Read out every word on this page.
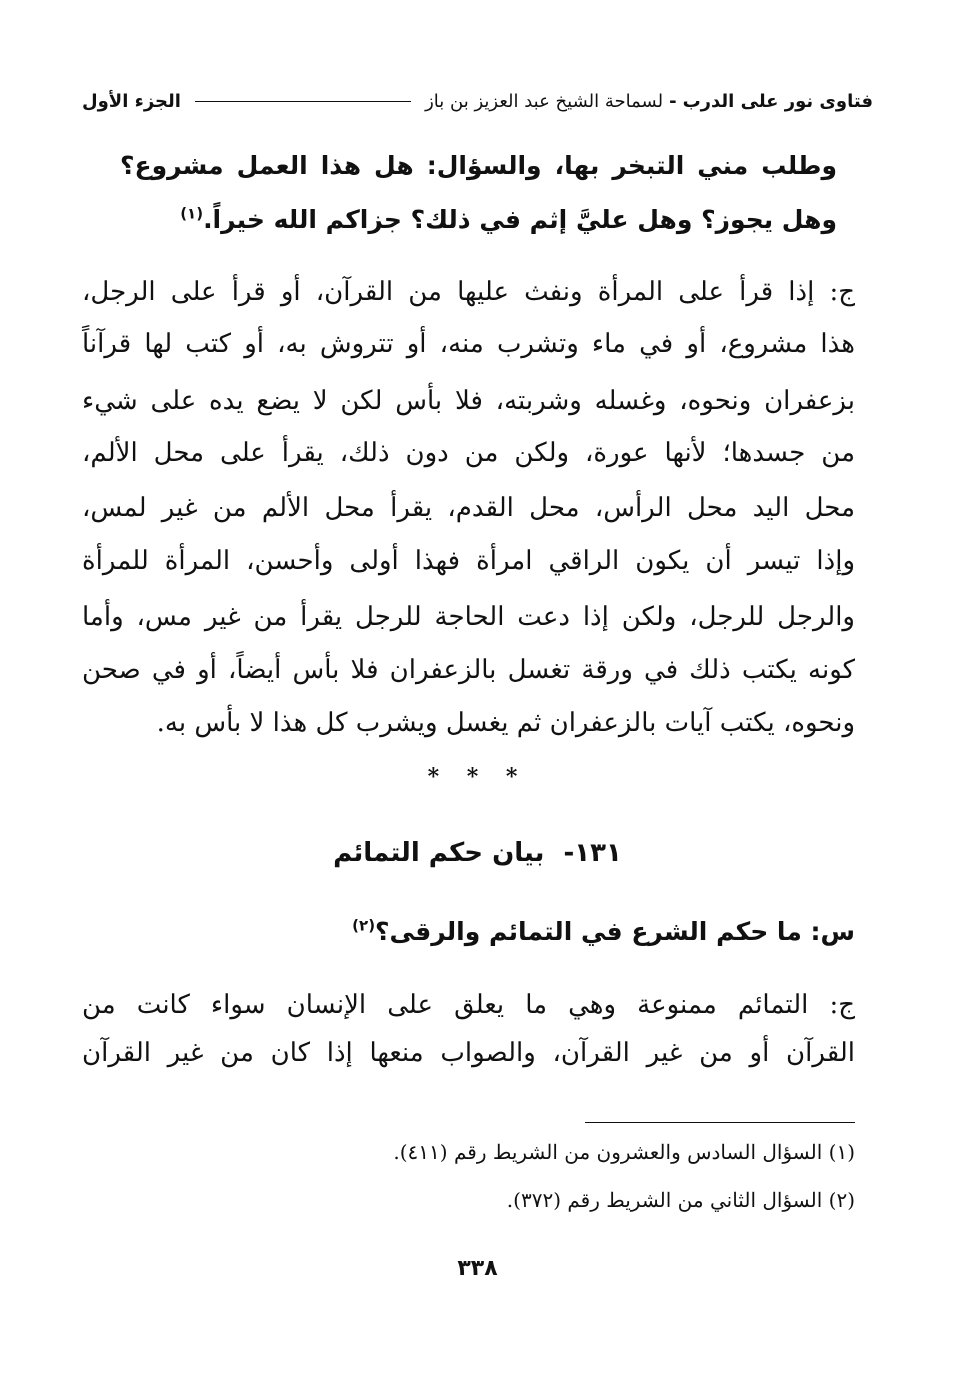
فتاوى نور على الدرب
-
لسماحة الشيخ عبد العزيز بن باز
الجزء الأول
وطلب مني التبخر بها، والسؤال: هل هذا العمل مشروع؟
وهل يجوز؟ وهل عليَّ إثم في ذلك؟ جزاكم الله خيراً.$^{(١)}$
ج: إذا قرأ على المرأة ونفث عليها من القرآن، أو قرأ على الرجل،
هذا مشروع، أو في ماء وتشرب منه، أو تتروش به، أو كتب لها قرآناً
بزعفران ونحوه، وغسله وشربته، فلا بأس لكن لا يضع يده على شيء
من جسدها؛ لأنها عورة، ولكن من دون ذلك، يقرأ على محل الألم،
محل اليد محل الرأس، محل القدم، يقرأ محل الألم من غير لمس،
وإذا تيسر أن يكون الراقي امرأة فهذا أولى وأحسن، المرأة للمرأة
والرجل للرجل، ولكن إذا دعت الحاجة للرجل يقرأ من غير مس، وأما
كونه يكتب ذلك في ورقة تغسل بالزعفران فلا بأس أيضاً، أو في صحن
ونحوه، يكتب آيات بالزعفران ثم يغسل ويشرب كل هذا لا بأس به.
* * *
١٣١- بيان حكم التمائم
س: ما حكم الشرع في التمائم والرقى؟$^{(٢)}$
ج: التمائم ممنوعة وهي ما يعلق على الإنسان سواء كانت من
القرآن أو من غير القرآن، والصواب منعها إذا كان من غير القرآن
(١) السؤال السادس والعشرون من الشريط رقم (٤١١).
(٢) السؤال الثاني من الشريط رقم (٣٧٢).
٣٣٨
